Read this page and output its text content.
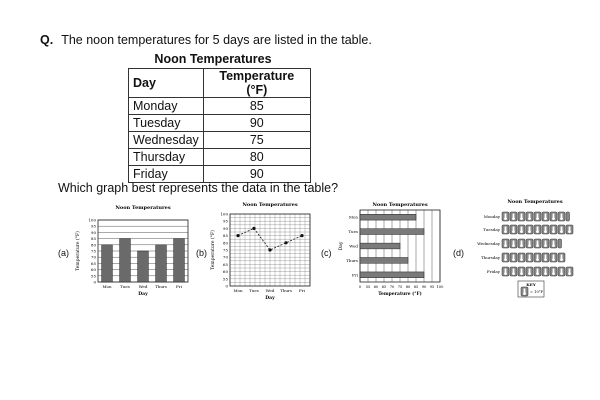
Q. The noon temperatures for 5 days are listed in the table.
Noon Temperatures
Day	Temperature (°F)
Monday	85
Tuesday	90
Wednesday	75
Thursday	80
Friday	90
Which graph best represents the data in the table?
(a)
Noon Temperatures
0
55
60
65
70
75
80
85
90
95
100
Mon Tues Wed Thurs Fri
Day
Temperature (°F)	(b)
Noon Temperatures
0
55
60
65
70
75
80
85
90
95
100
Mon Tues Wed Thurs Fri
Day
Temperature (°F)	(c)
Noon Temperatures
0 55 60 65 70 75 80 85 90 95 100
Mon
Tues
Wed
Thurs
Fri
Temperature (°F)
Day
(d)
Noon Temperatures
Monday
Tuesday
Wednesday
Thursday
Friday
KEY
= 10°F
